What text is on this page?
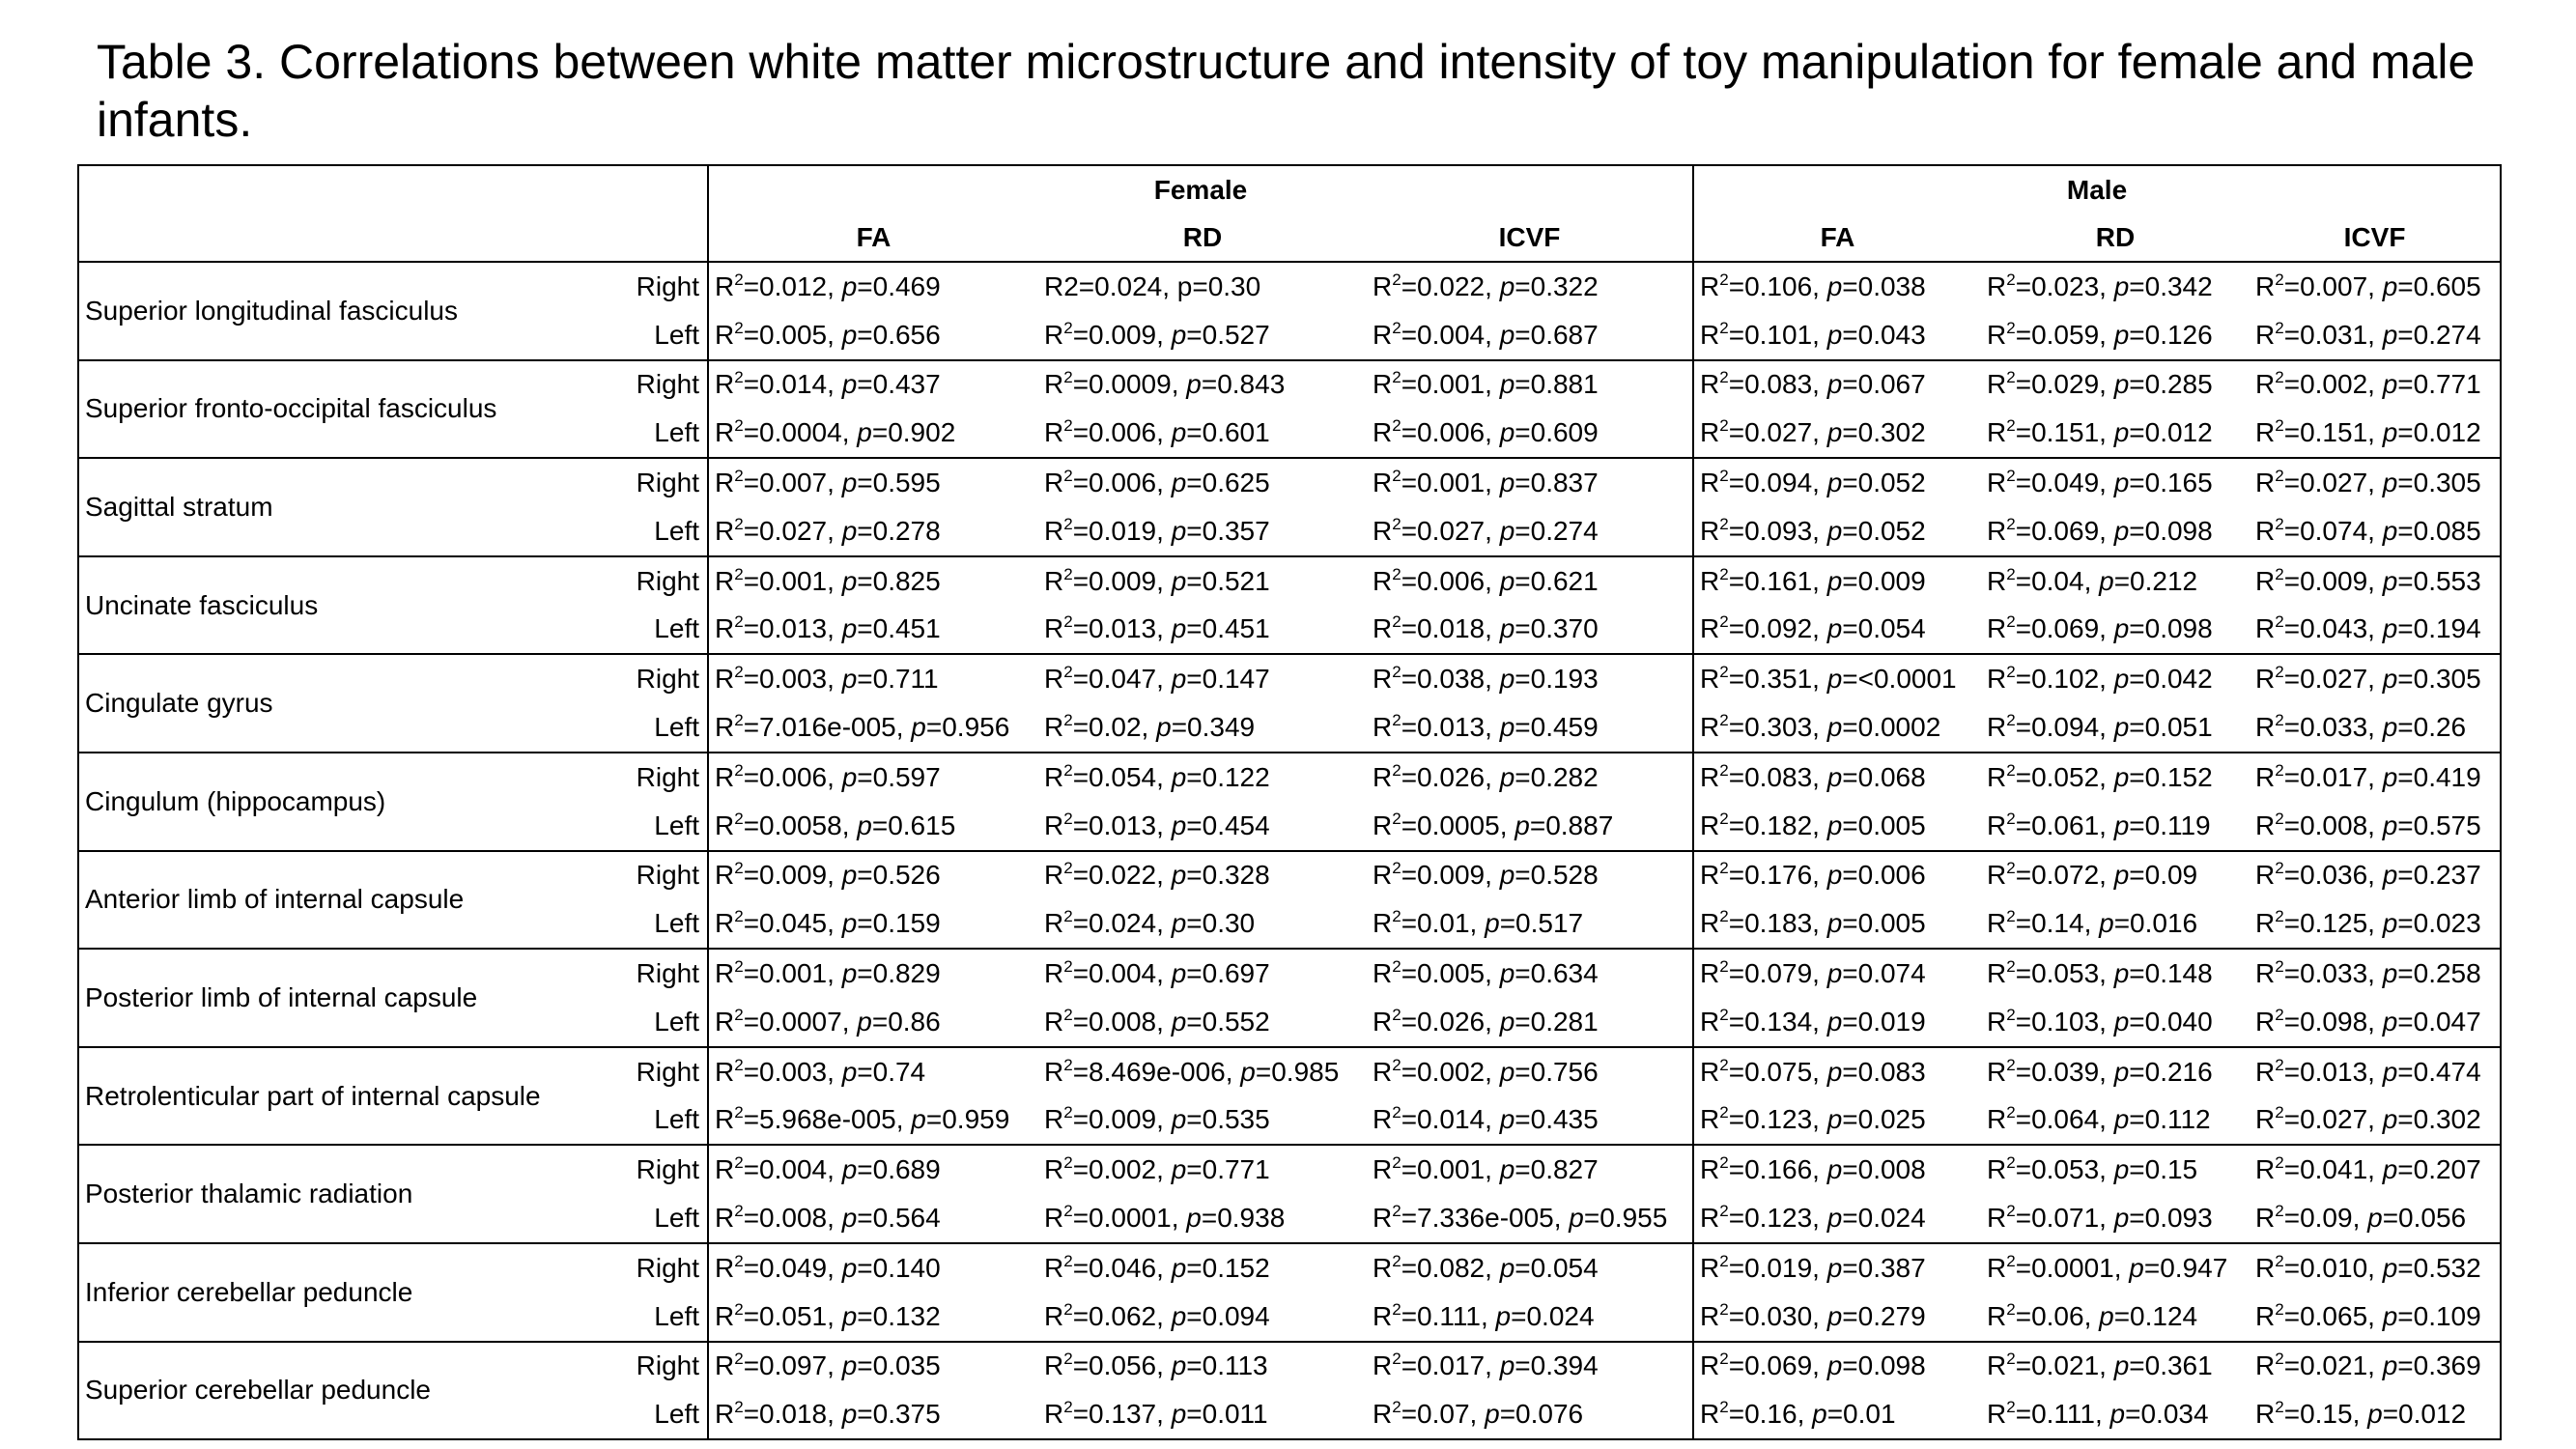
Table 3. Correlations between white matter microstructure and intensity of toy manipulation for female and male infants.
		Female			Male		
		FA	RD	ICVF	FA	RD	ICVF
Superior longitudinal fasciculus	Right	$R^2=0.012$, p=0.469	R2=0.024, p=0.30	$R^2=0.022$, p=0.322	$R^2=0.106$, p=0.038	$R^2=0.023$, p=0.342	$R^2=0.007$, p=0.605
	Left	$R^2=0.005$, p=0.656	$R^2=0.009$, p=0.527	$R^2=0.004$, p=0.687	$R^2=0.101$, p=0.043	$R^2=0.059$, p=0.126	$R^2=0.031$, p=0.274
Superior fronto-occipital fasciculus	Right	$R^2=0.014$, p=0.437	$R^2=0.0009$, p=0.843	$R^2=0.001$, p=0.881	$R^2=0.083$, p=0.067	$R^2=0.029$, p=0.285	$R^2=0.002$, p=0.771
	Left	$R^2=0.0004$, p=0.902	$R^2=0.006$, p=0.601	$R^2=0.006$, p=0.609	$R^2=0.027$, p=0.302	$R^2=0.151$, p=0.012	$R^2=0.151$, p=0.012
Sagittal stratum	Right	$R^2=0.007$, p=0.595	$R^2=0.006$, p=0.625	$R^2=0.001$, p=0.837	$R^2=0.094$, p=0.052	$R^2=0.049$, p=0.165	$R^2=0.027$, p=0.305
	Left	$R^2=0.027$, p=0.278	$R^2=0.019$, p=0.357	$R^2=0.027$, p=0.274	$R^2=0.093$, p=0.052	$R^2=0.069$, p=0.098	$R^2=0.074$, p=0.085
Uncinate fasciculus	Right	$R^2=0.001$, p=0.825	$R^2=0.009$, p=0.521	$R^2=0.006$, p=0.621	$R^2=0.161$, p=0.009	$R^2=0.04$, p=0.212	$R^2=0.009$, p=0.553
	Left	$R^2=0.013$, p=0.451	$R^2=0.013$, p=0.451	$R^2=0.018$, p=0.370	$R^2=0.092$, p=0.054	$R^2=0.069$, p=0.098	$R^2=0.043$, p=0.194
Cingulate gyrus	Right	$R^2=0.003$, p=0.711	$R^2=0.047$, p=0.147	$R^2=0.038$, p=0.193	$R^2=0.351$, p=<0.0001	$R^2=0.102$, p=0.042	$R^2=0.027$, p=0.305
	Left	$R^2=7.016e-005$, p=0.956	$R^2=0.02$, p=0.349	$R^2=0.013$, p=0.459	$R^2=0.303$, p=0.0002	$R^2=0.094$, p=0.051	$R^2=0.033$, p=0.26
Cingulum (hippocampus)	Right	$R^2=0.006$, p=0.597	$R^2=0.054$, p=0.122	$R^2=0.026$, p=0.282	$R^2=0.083$, p=0.068	$R^2=0.052$, p=0.152	$R^2=0.017$, p=0.419
	Left	$R^2=0.0058$, p=0.615	$R^2=0.013$, p=0.454	$R^2=0.0005$, p=0.887	$R^2=0.182$, p=0.005	$R^2=0.061$, p=0.119	$R^2=0.008$, p=0.575
Anterior limb of internal capsule	Right	$R^2=0.009$, p=0.526	$R^2=0.022$, p=0.328	$R^2=0.009$, p=0.528	$R^2=0.176$, p=0.006	$R^2=0.072$, p=0.09	$R^2=0.036$, p=0.237
	Left	$R^2=0.045$, p=0.159	$R^2=0.024$, p=0.30	$R^2=0.01$, p=0.517	$R^2=0.183$, p=0.005	$R^2=0.14$, p=0.016	$R^2=0.125$, p=0.023
Posterior limb of internal capsule	Right	$R^2=0.001$, p=0.829	$R^2=0.004$, p=0.697	$R^2=0.005$, p=0.634	$R^2=0.079$, p=0.074	$R^2=0.053$, p=0.148	$R^2=0.033$, p=0.258
	Left	$R^2=0.0007$, p=0.86	$R^2=0.008$, p=0.552	$R^2=0.026$, p=0.281	$R^2=0.134$, p=0.019	$R^2=0.103$, p=0.040	$R^2=0.098$, p=0.047
Retrolenticular part of internal capsule	Right	$R^2=0.003$, p=0.74	$R^2=8.469e-006$, p=0.985	$R^2=0.002$, p=0.756	$R^2=0.075$, p=0.083	$R^2=0.039$, p=0.216	$R^2=0.013$, p=0.474
	Left	$R^2=5.968e-005$, p=0.959	$R^2=0.009$, p=0.535	$R^2=0.014$, p=0.435	$R^2=0.123$, p=0.025	$R^2=0.064$, p=0.112	$R^2=0.027$, p=0.302
Posterior thalamic radiation	Right	$R^2=0.004$, p=0.689	$R^2=0.002$, p=0.771	$R^2=0.001$, p=0.827	$R^2=0.166$, p=0.008	$R^2=0.053$, p=0.15	$R^2=0.041$, p=0.207
	Left	$R^2=0.008$, p=0.564	$R^2=0.0001$, p=0.938	$R^2=7.336e-005$, p=0.955	$R^2=0.123$, p=0.024	$R^2=0.071$, p=0.093	$R^2=0.09$, p=0.056
Inferior cerebellar peduncle	Right	$R^2=0.049$, p=0.140	$R^2=0.046$, p=0.152	$R^2=0.082$, p=0.054	$R^2=0.019$, p=0.387	$R^2=0.0001$, p=0.947	$R^2=0.010$, p=0.532
	Left	$R^2=0.051$, p=0.132	$R^2=0.062$, p=0.094	$R^2=0.111$, p=0.024	$R^2=0.030$, p=0.279	$R^2=0.06$, p=0.124	$R^2=0.065$, p=0.109
Superior cerebellar peduncle	Right	$R^2=0.097$, p=0.035	$R^2=0.056$, p=0.113	$R^2=0.017$, p=0.394	$R^2=0.069$, p=0.098	$R^2=0.021$, p=0.361	$R^2=0.021$, p=0.369
	Left	$R^2=0.018$, p=0.375	$R^2=0.137$, p=0.011	$R^2=0.07$, p=0.076	$R^2=0.16$, p=0.01	$R^2=0.111$, p=0.034	$R^2=0.15$, p=0.012
